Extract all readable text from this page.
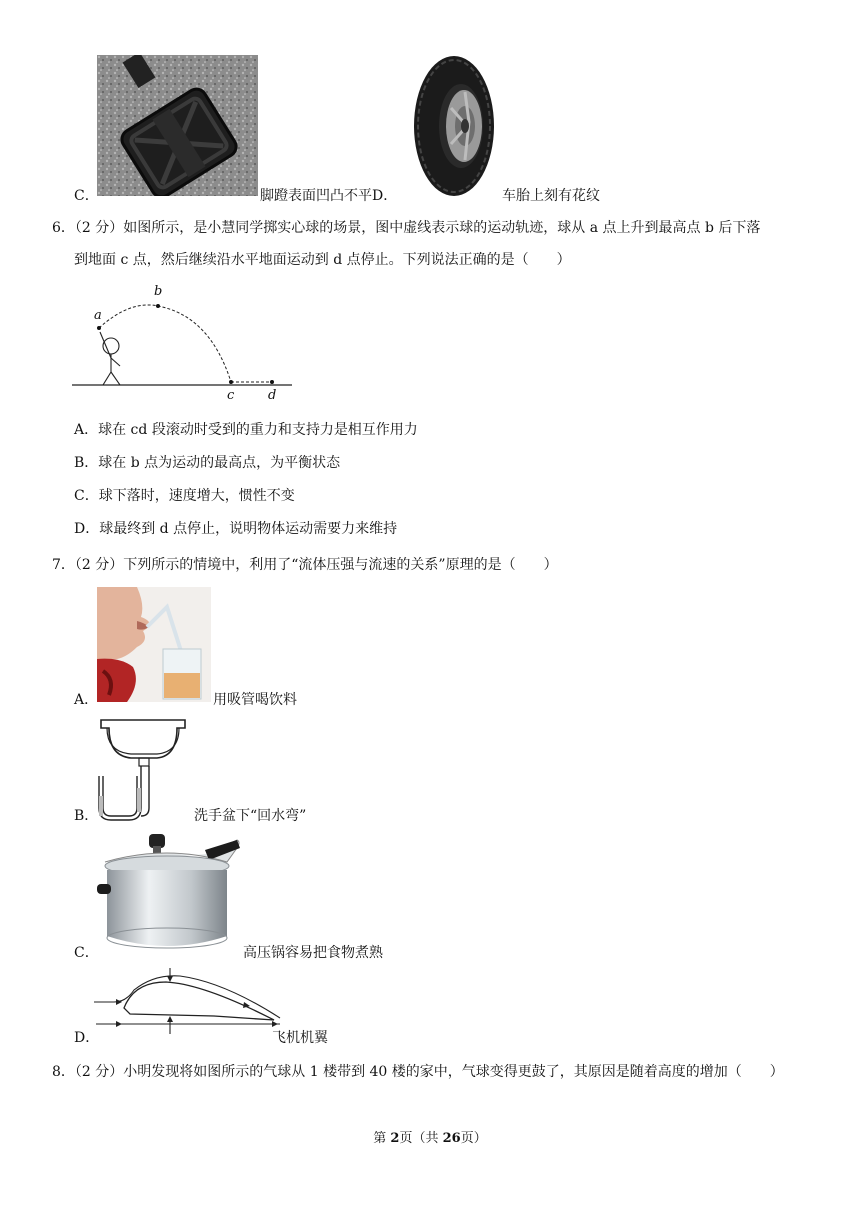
C．	脚蹬表面凹凸不平 D．	车胎上刻有花纹
6．（2 分）如图所示，是小慧同学掷实心球的场景，图中虚线表示球的运动轨迹，球从 a 点上升到最高点 b 后下落
到地面 c 点，然后继续沿水平地面运动到 d 点停止。下列说法正确的是（　　）
a
b
c	d
A．球在 cd 段滚动时受到的重力和支持力是相互作用力
B．球在 b 点为运动的最高点，为平衡状态
C．球下落时，速度增大，惯性不变
D．球最终到 d 点停止，说明物体运动需要力来维持
7．（2 分）下列所示的情境中，利用了“流体压强与流速的关系”原理的是（　　）
A．	用吸管喝饮料
B．	洗手盆下“回水弯”
C．	高压锅容易把食物煮熟
D．	飞机机翼
8．（2 分）小明发现将如图所示的气球从 1 楼带到 40 楼的家中，气球变得更鼓了，其原因是随着高度的增加（　　）
第 2页（共 26页）
